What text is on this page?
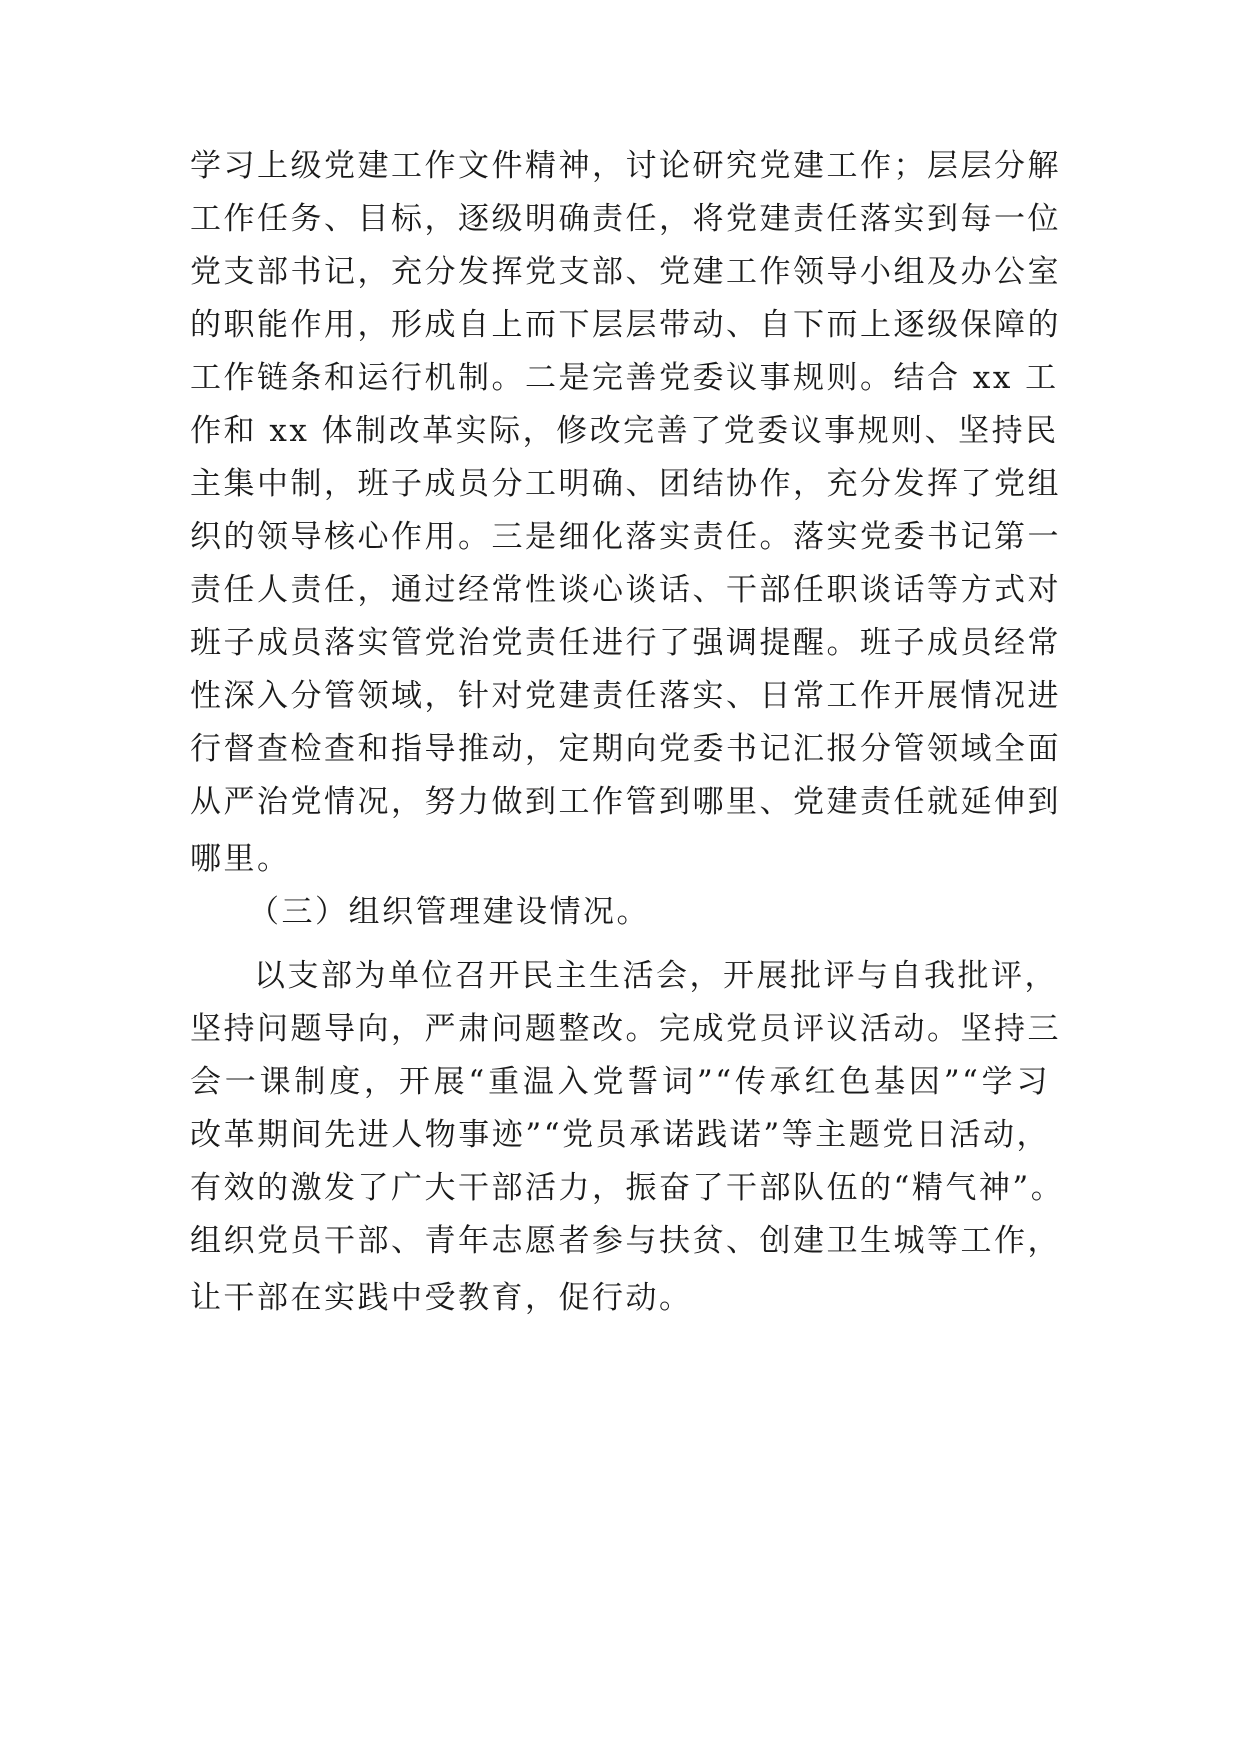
学习上级党建工作文件精神，讨论研究党建工作；层层分解
工作任务、目标，逐级明确责任，将党建责任落实到每一位
党支部书记，充分发挥党支部、党建工作领导小组及办公室
的职能作用，形成自上而下层层带动、自下而上逐级保障的
工作链条和运行机制。二是完善党委议事规则。结合 xx 工
作和 xx 体制改革实际，修改完善了党委议事规则、坚持民
主集中制，班子成员分工明确、团结协作，充分发挥了党组
织的领导核心作用。三是细化落实责任。落实党委书记第一
责任人责任，通过经常性谈心谈话、干部任职谈话等方式对
班子成员落实管党治党责任进行了强调提醒。班子成员经常
性深入分管领域，针对党建责任落实、日常工作开展情况进
行督查检查和指导推动，定期向党委书记汇报分管领域全面
从严治党情况，努力做到工作管到哪里、党建责任就延伸到
哪里。
（三）组织管理建设情况。
以支部为单位召开民主生活会，开展批评与自我批评，
坚持问题导向，严肃问题整改。完成党员评议活动。坚持三
会一课制度，开展“重温入党誓词”“传承红色基因”“学习
改革期间先进人物事迹”“党员承诺践诺”等主题党日活动，
有效的激发了广大干部活力，振奋了干部队伍的“精气神”。
组织党员干部、青年志愿者参与扶贫、创建卫生城等工作，
让干部在实践中受教育，促行动。
